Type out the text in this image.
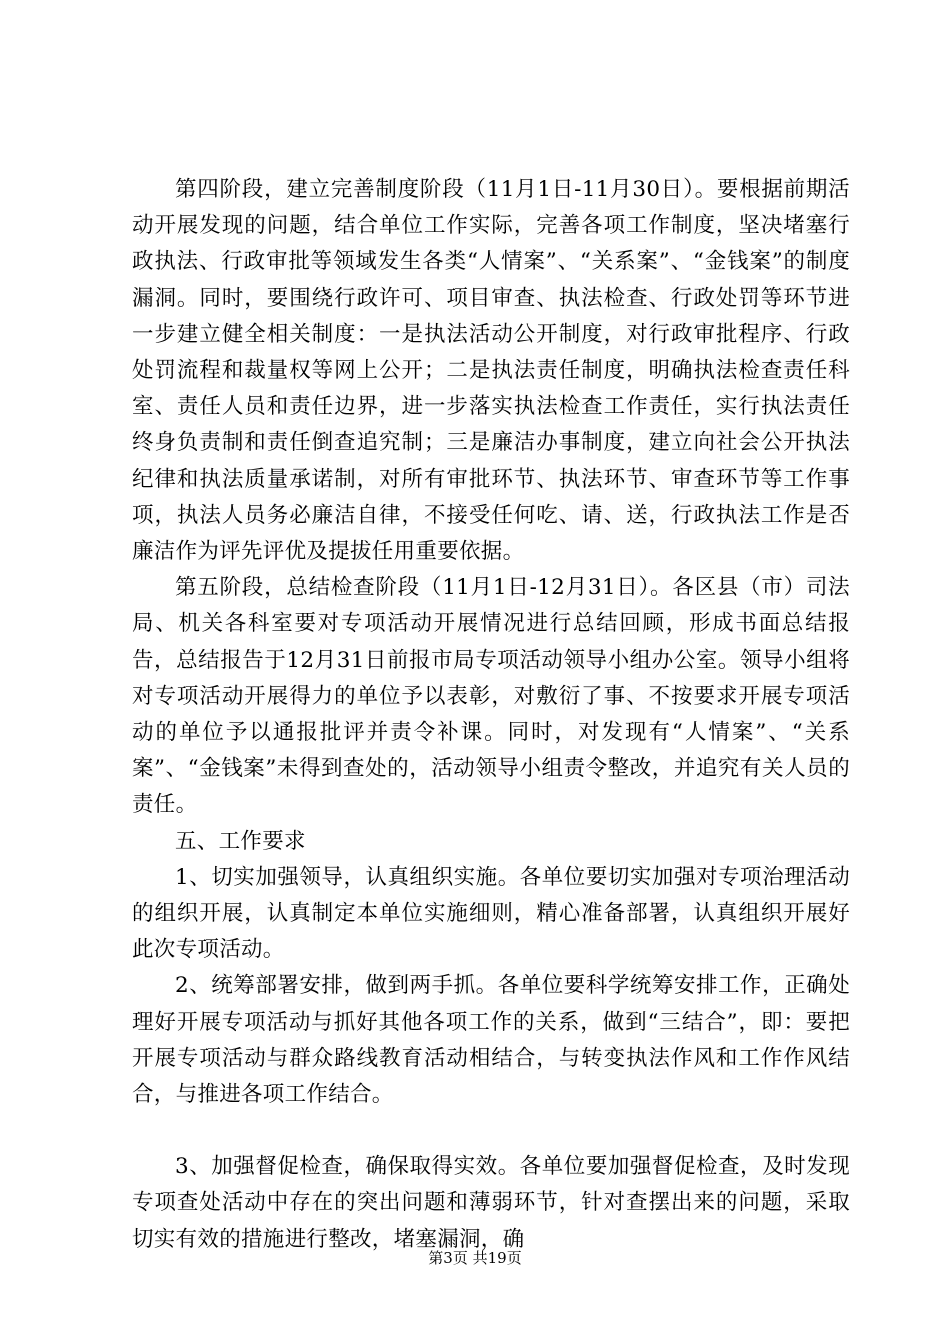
第四阶段，建立完善制度阶段（11月1日-11月30日）。要根据前期活动开展发现的问题，结合单位工作实际，完善各项工作制度，坚决堵塞行政执法、行政审批等领域发生各类“人情案”、“关系案”、“金钱案”的制度漏洞。同时，要围绕行政许可、项目审查、执法检查、行政处罚等环节进一步建立健全相关制度：一是执法活动公开制度，对行政审批程序、行政处罚流程和裁量权等网上公开；二是执法责任制度，明确执法检查责任科室、责任人员和责任边界，进一步落实执法检查工作责任，实行执法责任终身负责制和责任倒查追究制；三是廉洁办事制度，建立向社会公开执法纪律和执法质量承诺制，对所有审批环节、执法环节、审查环节等工作事项，执法人员务必廉洁自律，不接受任何吃、请、送，行政执法工作是否廉洁作为评先评优及提拔任用重要依据。

第五阶段，总结检查阶段（11月1日-12月31日）。各区县（市）司法局、机关各科室要对专项活动开展情况进行总结回顾，形成书面总结报告，总结报告于12月31日前报市局专项活动领导小组办公室。领导小组将对专项活动开展得力的单位予以表彰，对敷衍了事、不按要求开展专项活动的单位予以通报批评并责令补课。同时，对发现有“人情案”、“关系案”、“金钱案”未得到查处的，活动领导小组责令整改，并追究有关人员的责任。

五、工作要求

1、切实加强领导，认真组织实施。各单位要切实加强对专项治理活动的组织开展，认真制定本单位实施细则，精心准备部署，认真组织开展好此次专项活动。

2、统筹部署安排，做到两手抓。各单位要科学统筹安排工作，正确处理好开展专项活动与抓好其他各项工作的关系，做到“三结合”，即：要把开展专项活动与群众路线教育活动相结合，与转变执法作风和工作作风结合，与推进各项工作结合。

3、加强督促检查，确保取得实效。各单位要加强督促检查，及时发现专项查处活动中存在的突出问题和薄弱环节，针对查摆出来的问题，采取切实有效的措施进行整改，堵塞漏洞，确

第3页 共19页
